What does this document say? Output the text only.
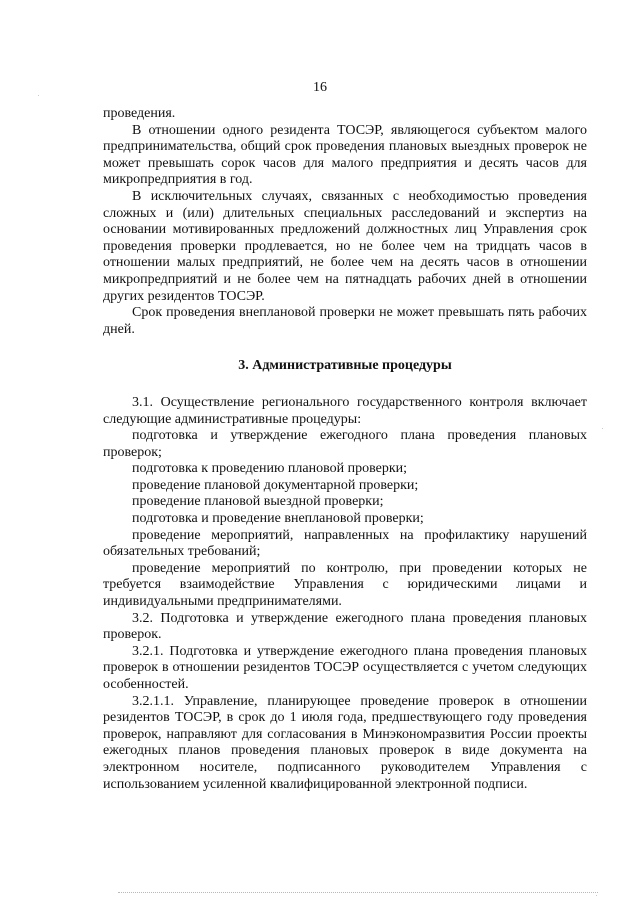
16

проведения.

В отношении одного резидента ТОСЭР, являющегося субъектом малого предпринимательства, общий срок проведения плановых выездных проверок не может превышать сорок часов для малого предприятия и десять часов для микропредприятия в год.

В исключительных случаях, связанных с необходимостью проведения сложных и (или) длительных специальных расследований и экспертиз на основании мотивированных предложений должностных лиц Управления срок проведения проверки продлевается, но не более чем на тридцать часов в отношении малых предприятий, не более чем на десять часов в отношении микропредприятий и не более чем на пятнадцать рабочих дней в отношении других резидентов ТОСЭР.

Срок проведения внеплановой проверки не может превышать пять рабочих дней.

3. Административные процедуры

3.1. Осуществление регионального государственного контроля включает следующие административные процедуры:

подготовка и утверждение ежегодного плана проведения плановых проверок;

подготовка к проведению плановой проверки;

проведение плановой документарной проверки;

проведение плановой выездной проверки;

подготовка и проведение внеплановой проверки;

проведение мероприятий, направленных на профилактику нарушений обязательных требований;

проведение мероприятий по контролю, при проведении которых не требуется взаимодействие Управления с юридическими лицами и индивидуальными предпринимателями.

3.2. Подготовка и утверждение ежегодного плана проведения плановых проверок.

3.2.1. Подготовка и утверждение ежегодного плана проведения плановых проверок в отношении резидентов ТОСЭР осуществляется с учетом следующих особенностей.

3.2.1.1. Управление, планирующее проведение проверок в отношении резидентов ТОСЭР, в срок до 1 июля года, предшествующего году проведения проверок, направляют для согласования в Минэкономразвития России проекты ежегодных планов проведения плановых проверок в виде документа на электронном носителе, подписанного руководителем Управления с использованием усиленной квалифицированной электронной подписи.
